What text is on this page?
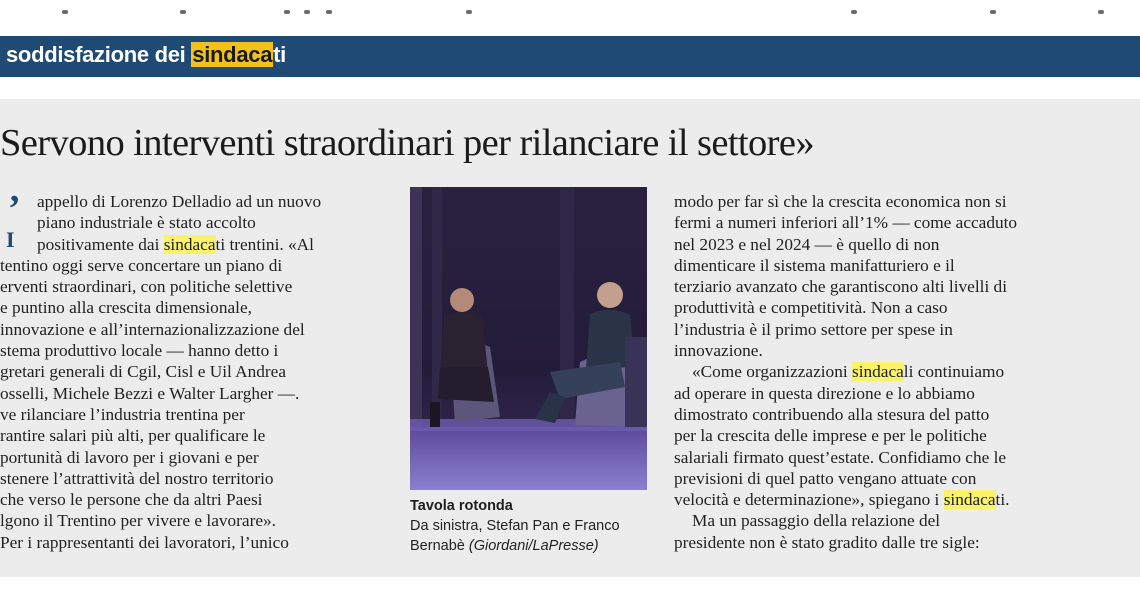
soddisfazione dei sindacati
Servono interventi straordinari per rilanciare il settore»
’
I
appello di Lorenzo Delladio ad un nuovo
piano industriale è stato accolto
positivamente dai sindacati trentini. «Al
tentino oggi serve concertare un piano di
erventi straordinari, con politiche selettive
e puntino alla crescita dimensionale,
innovazione e all’internazionalizzazione del
stema produttivo locale — hanno detto i
gretari generali di Cgil, Cisl e Uil Andrea
osselli, Michele Bezzi e Walter Largher —.
ve rilanciare l’industria trentina per
rantire salari più alti, per qualificare le
portunità di lavoro per i giovani e per
stenere l’attrattività del nostro territorio
che verso le persone che da altri Paesi
lgono il Trentino per vivere e lavorare».
Per i rappresentanti dei lavoratori, l’unico
Tavola rotonda
Da sinistra, Stefan Pan e Franco
Bernabè (Giordani/LaPresse)
modo per far sì che la crescita economica non si
fermi a numeri inferiori all’1% — come accaduto
nel 2023 e nel 2024 — è quello di non
dimenticare il sistema manifatturiero e il
terziario avanzato che garantiscono alti livelli di
produttività e competitività. Non a caso
l’industria è il primo settore per spese in
innovazione.
«Come organizzazioni sindacali continuiamo
ad operare in questa direzione e lo abbiamo
dimostrato contribuendo alla stesura del patto
per la crescita delle imprese e per le politiche
salariali firmato quest’estate. Confidiamo che le
previsioni di quel patto vengano attuate con
velocità e determinazione», spiegano i sindacati.
Ma un passaggio della relazione del
presidente non è stato gradito dalle tre sigle:
